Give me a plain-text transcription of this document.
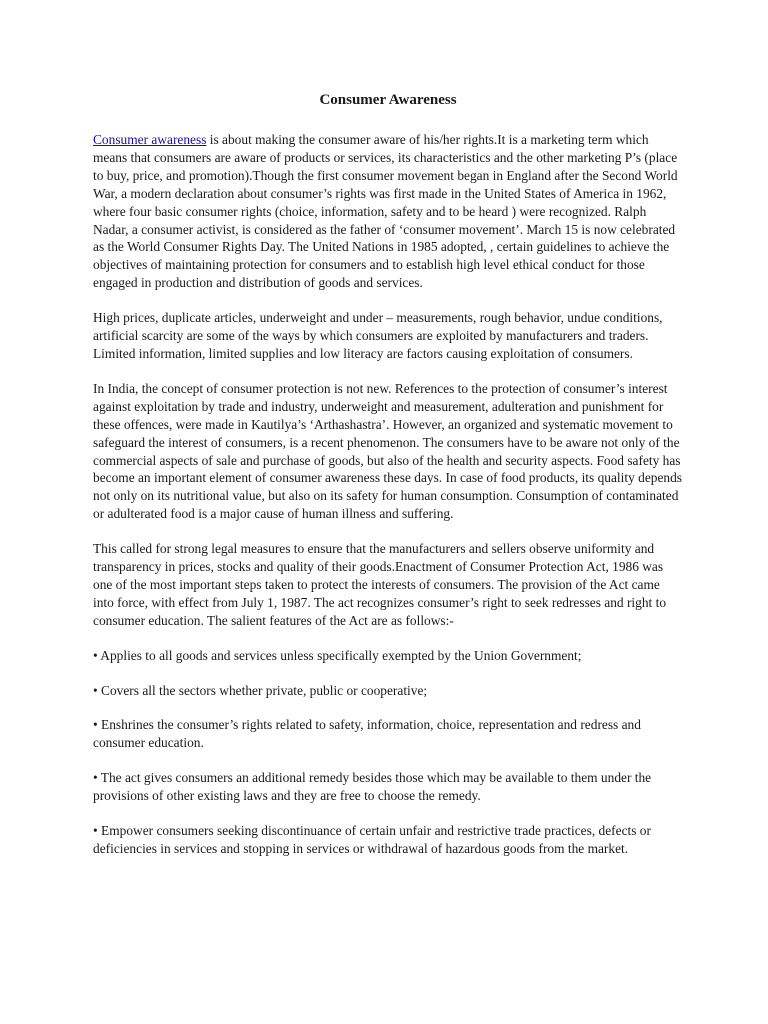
Consumer Awareness

Consumer awareness is about making the consumer aware of his/her rights.It is a marketing term which means that consumers are aware of products or services, its characteristics and the other marketing P’s (place to buy, price, and promotion).Though the first consumer movement began in England after the Second World War, a modern declaration about consumer’s rights was first made in the United States of America in 1962, where four basic consumer rights (choice, information, safety and to be heard ) were recognized. Ralph Nadar, a consumer activist, is considered as the father of ‘consumer movement’. March 15 is now celebrated as the World Consumer Rights Day. The United Nations in 1985 adopted, , certain guidelines to achieve the objectives of maintaining protection for consumers and to establish high level ethical conduct for those engaged in production and distribution of goods and services.

High prices, duplicate articles, underweight and under – measurements, rough behavior, undue conditions, artificial scarcity are some of the ways by which consumers are exploited by manufacturers and traders. Limited information, limited supplies and low literacy are factors causing exploitation of consumers.

In India, the concept of consumer protection is not new. References to the protection of consumer’s interest against exploitation by trade and industry, underweight and measurement, adulteration and punishment for these offences, were made in Kautilya’s ‘Arthashastra’. However, an organized and systematic movement to safeguard the interest of consumers, is a recent phenomenon. The consumers have to be aware not only of the commercial aspects of sale and purchase of goods, but also of the health and security aspects. Food safety has become an important element of consumer awareness these days. In case of food products, its quality depends not only on its nutritional value, but also on its safety for human consumption. Consumption of contaminated or adulterated food is a major cause of human illness and suffering.

This called for strong legal measures to ensure that the manufacturers and sellers observe uniformity and transparency in prices, stocks and quality of their goods.Enactment of Consumer Protection Act, 1986 was one of the most important steps taken to protect the interests of consumers. The provision of the Act came into force, with effect from July 1, 1987. The act recognizes consumer’s right to seek redresses and right to consumer education. The salient features of the Act are as follows:-

• Applies to all goods and services unless specifically exempted by the Union Government;

• Covers all the sectors whether private, public or cooperative;

• Enshrines the consumer’s rights related to safety, information, choice, representation and redress and consumer education.

• The act gives consumers an additional remedy besides those which may be available to them under the provisions of other existing laws and they are free to choose the remedy.

• Empower consumers seeking discontinuance of certain unfair and restrictive trade practices, defects or deficiencies in services and stopping in services or withdrawal of hazardous goods from the market.
